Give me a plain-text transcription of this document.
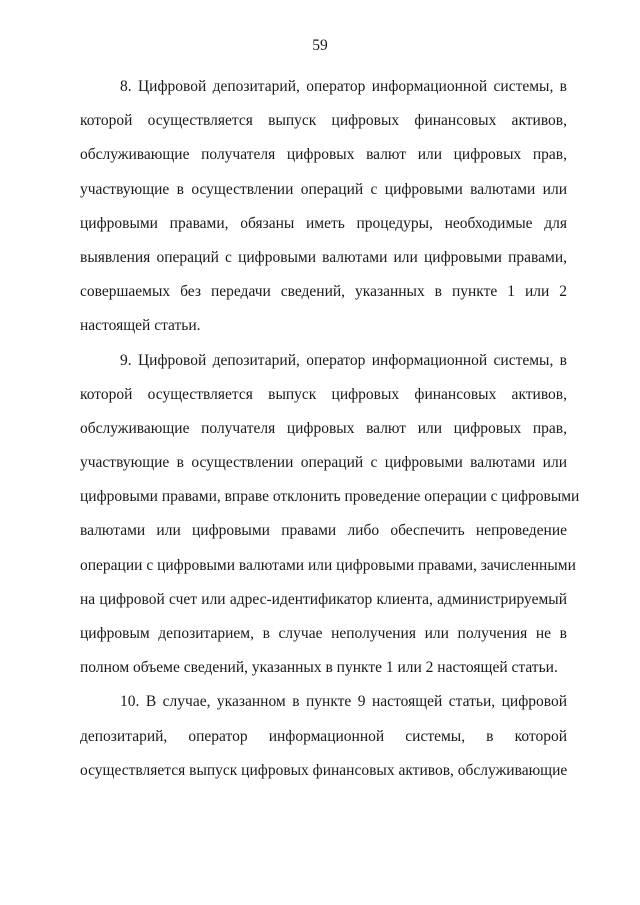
59
8. Цифровой депозитарий, оператор информационной системы, в
которой осуществляется выпуск цифровых финансовых активов,
обслуживающие получателя цифровых валют или цифровых прав,
участвующие в осуществлении операций с цифровыми валютами или
цифровыми правами, обязаны иметь процедуры, необходимые для
выявления операций с цифровыми валютами или цифровыми правами,
совершаемых без передачи сведений, указанных в пункте 1 или 2
настоящей статьи.
9. Цифровой депозитарий, оператор информационной системы, в
которой осуществляется выпуск цифровых финансовых активов,
обслуживающие получателя цифровых валют или цифровых прав,
участвующие в осуществлении операций с цифровыми валютами или
цифровыми правами, вправе отклонить проведение операции с цифровыми
валютами или цифровыми правами либо обеспечить непроведение
операции с цифровыми валютами или цифровыми правами, зачисленными
на цифровой счет или адрес-идентификатор клиента, администрируемый
цифровым депозитарием, в случае неполучения или получения не в
полном объеме сведений, указанных в пункте 1 или 2 настоящей статьи.
10. В случае, указанном в пункте 9 настоящей статьи, цифровой
депозитарий, оператор информационной системы, в которой
осуществляется выпуск цифровых финансовых активов, обслуживающие
